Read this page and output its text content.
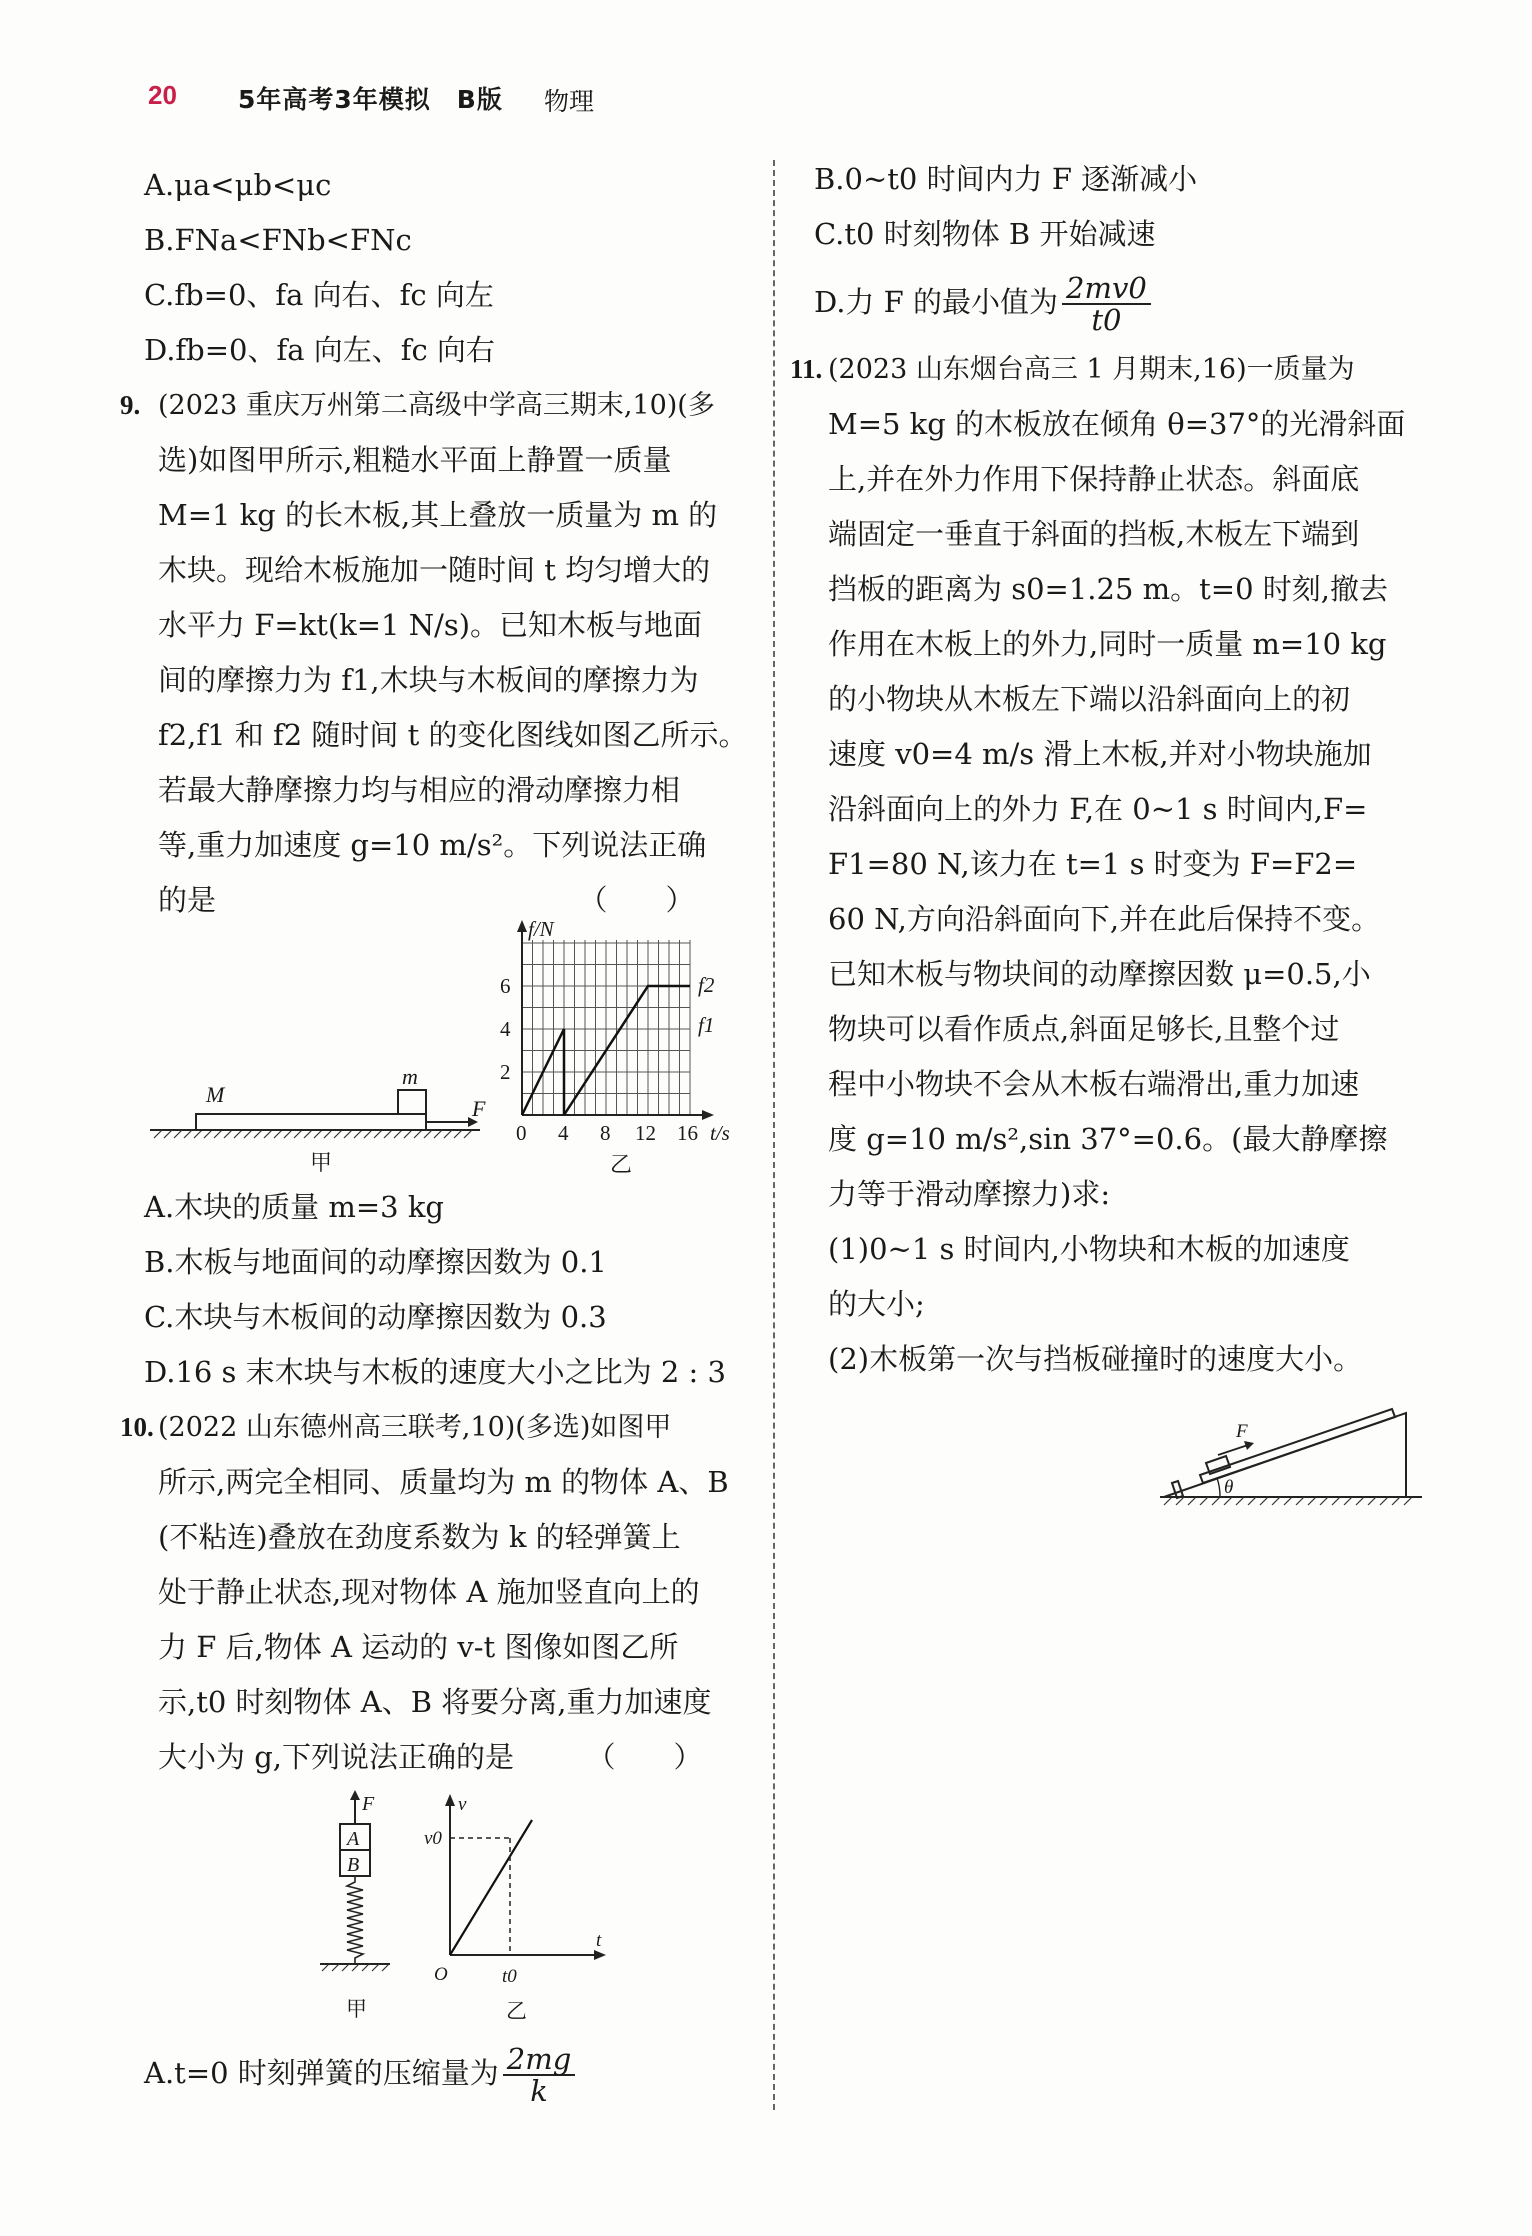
20 5年高考3年模拟　B版 物理
A.μa<μb<μc
B.FNa<FNb<FNc
C.fb=0、fa 向右、fc 向左
D.fb=0、fa 向左、fc 向右
9. (2023 重庆万州第二高级中学高三期末,10)(多
选)如图甲所示,粗糙水平面上静置一质量
M=1 kg 的长木板,其上叠放一质量为 m 的
木块。现给木板施加一随时间 t 均匀增大的
水平力 F=kt(k=1 N/s)。已知木板与地面
间的摩擦力为 f1,木块与木板间的摩擦力为
f2,f1 和 f2 随时间 t 的变化图线如图乙所示。
若最大静摩擦力均与相应的滑动摩擦力相
等,重力加速度 g=10 m/s²。下列说法正确
的是　　　　　　　　　　　　　（　　）
M
m
F
f/N
2
4
6
0 4 8 12 16 t/s
f2
f1
甲	乙
A.木块的质量 m=3 kg
B.木板与地面间的动摩擦因数为 0.1
C.木块与木板间的动摩擦因数为 0.3
D.16 s 末木块与木板的速度大小之比为 2 : 3
10. (2022 山东德州高三联考,10)(多选)如图甲
所示,两完全相同、质量均为 m 的物体 A、B
(不粘连)叠放在劲度系数为 k 的轻弹簧上
处于静止状态,现对物体 A 施加竖直向上的
力 F 后,物体 A 运动的 v-t 图像如图乙所
示,t0 时刻物体 A、B 将要分离,重力加速度
大小为 g,下列说法正确的是　　　（　　）
F
A
B
v
v0
O	t0
t
甲	乙
A.t=0 时刻弹簧的压缩量为 $\frac{2mg}{k}$
B.0~t0 时间内力 F 逐渐减小
C.t0 时刻物体 B 开始减速
D.力 F 的最小值为 $\frac{2mv0}{t0}$
11. (2023 山东烟台高三 1 月期末,16)一质量为
M=5 kg 的木板放在倾角 θ=37°的光滑斜面
上,并在外力作用下保持静止状态。斜面底
端固定一垂直于斜面的挡板,木板左下端到
挡板的距离为 s0=1.25 m。t=0 时刻,撤去
作用在木板上的外力,同时一质量 m=10 kg
的小物块从木板左下端以沿斜面向上的初
速度 v0=4 m/s 滑上木板,并对小物块施加
沿斜面向上的外力 F,在 0~1 s 时间内,F=
F1=80 N,该力在 t=1 s 时变为 F=F2=
60 N,方向沿斜面向下,并在此后保持不变。
已知木板与物块间的动摩擦因数 μ=0.5,小
物块可以看作质点,斜面足够长,且整个过
程中小物块不会从木板右端滑出,重力加速
度 g=10 m/s²,sin 37°=0.6。(最大静摩擦
力等于滑动摩擦力)求:
(1)0~1 s 时间内,小物块和木板的加速度
的大小;
(2)木板第一次与挡板碰撞时的速度大小。
F
θ
